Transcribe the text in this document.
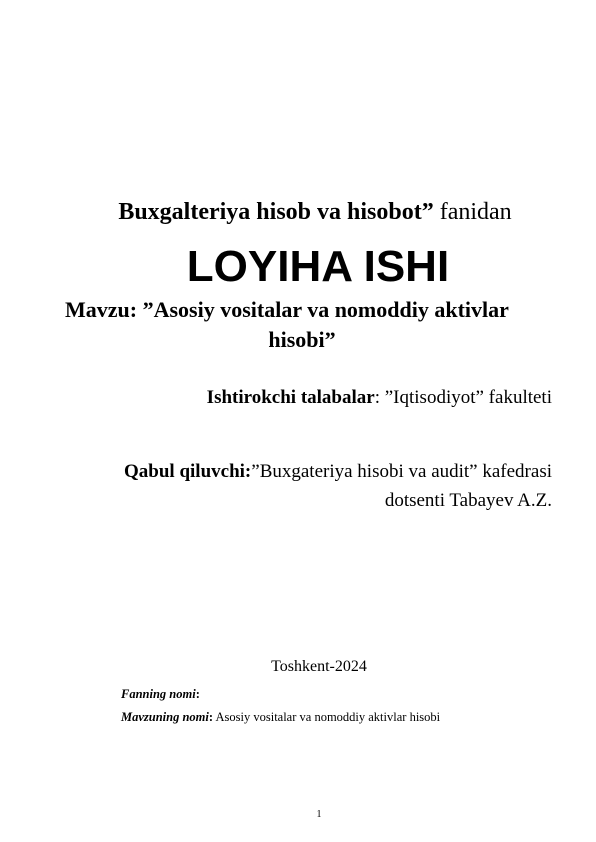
Buxgalteriya hisob va hisobot” fanidan
LOYIHA ISHI
Mavzu: ”Asosiy vositalar va nomoddiy aktivlar
hisobi”
Ishtirokchi talabalar: ”Iqtisodiyot” fakulteti
Qabul qiluvchi:”Buxgateriya hisobi va audit” kafedrasi
dotsenti Tabayev A.Z.
Toshkent-2024
Fanning nomi:
Mavzuning nomi: Asosiy vositalar va nomoddiy aktivlar hisobi
1
